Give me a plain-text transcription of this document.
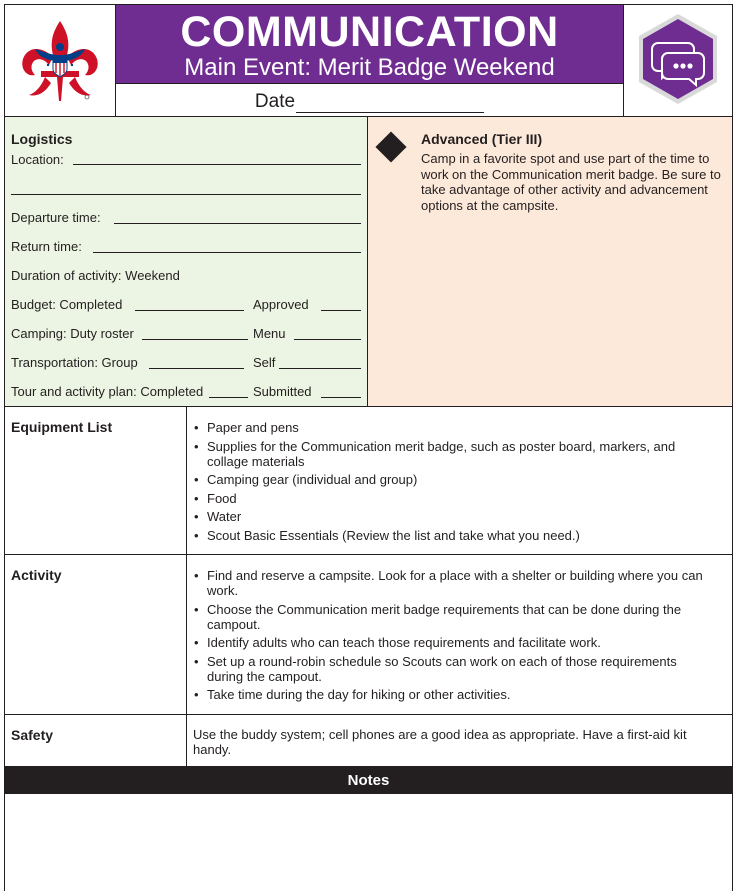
COMMUNICATION
Main Event: Merit Badge Weekend
Date
Logistics
Location:
Departure time:
Return time:
Duration of activity: Weekend
Budget: Completed	Approved
Camping: Duty roster	Menu
Transportation: Group	Self
Tour and activity plan: Completed	Submitted
Advanced (Tier III)
Camp in a favorite spot and use part of the time to work on the Communication merit badge. Be sure to take advantage of other activity and advancement options at the campsite.
Equipment List	• Paper and pens
• Supplies for the Communication merit badge, such as poster board, markers, and collage materials
• Camping gear (individual and group)
• Food
• Water
• Scout Basic Essentials (Review the list and take what you need.)
Activity	• Find and reserve a campsite. Look for a place with a shelter or building where you can work.
• Choose the Communication merit badge requirements that can be done during the campout.
• Identify adults who can teach those requirements and facilitate work.
• Set up a round-robin schedule so Scouts can work on each of those requirements during the campout.
• Take time during the day for hiking or other activities.
Safety	Use the buddy system; cell phones are a good idea as appropriate. Have a first-aid kit handy.
Notes
